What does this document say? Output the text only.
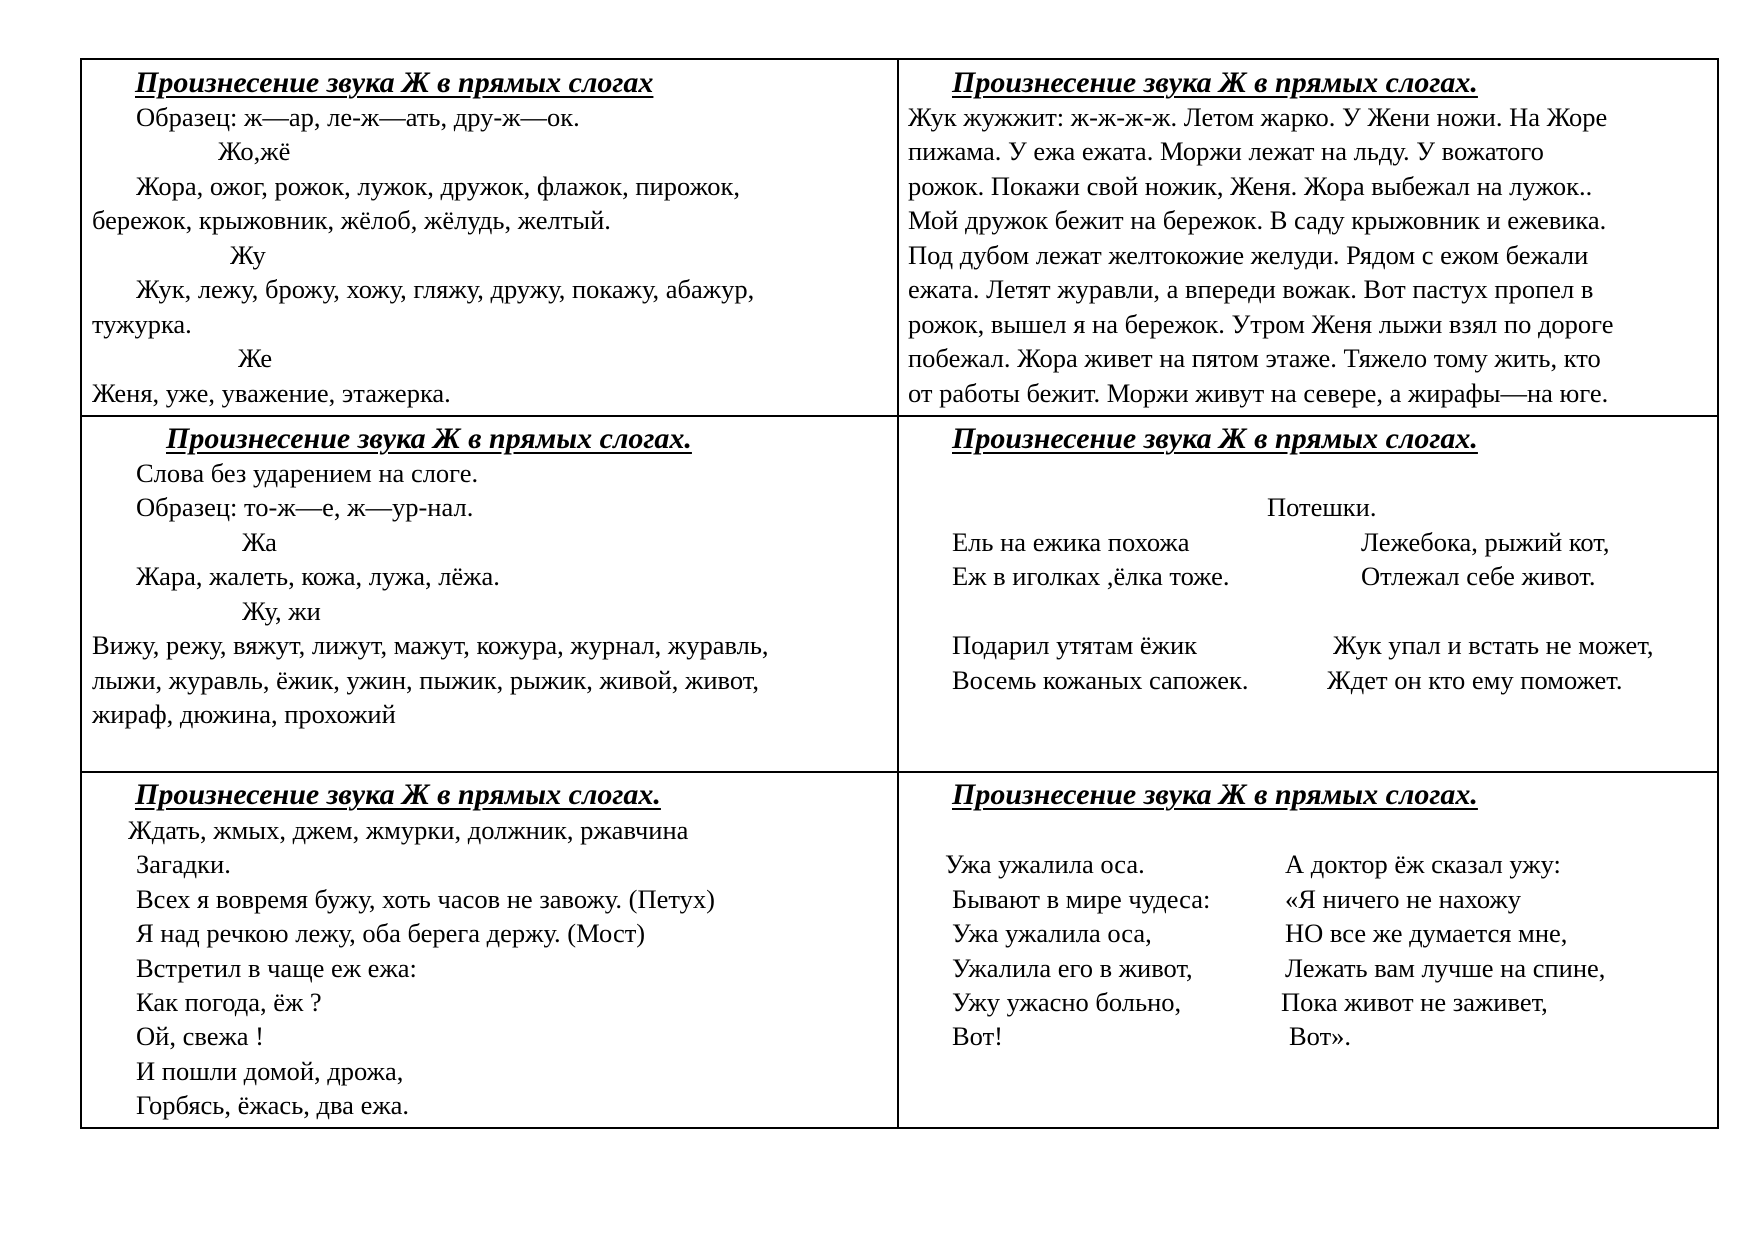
Произнесение звука Ж в прямых слогах
Образец: ж—ар, ле-ж—ать, дру-ж—ок.
Жо,жё
Жора, ожог, рожок, лужок, дружок, флажок, пирожок,
бережок, крыжовник, жёлоб, жёлудь, желтый.
Жу
Жук, лежу, брожу, хожу, гляжу, дружу, покажу, абажур,
тужурка.
Же
Женя, уже, уважение, этажерка.
Произнесение звука Ж в прямых слогах.
Жук жужжит: ж-ж-ж-ж. Летом жарко. У Жени ножи. На Жоре
пижама. У ежа ежата. Моржи лежат на льду. У вожатого
рожок. Покажи свой ножик, Женя. Жора выбежал на лужок..
Мой дружок бежит на бережок. В саду крыжовник и ежевика.
Под дубом лежат желтокожие желуди. Рядом с ежом бежали
ежата. Летят журавли, а впереди вожак. Вот пастух пропел в
рожок, вышел я на бережок. Утром Женя лыжи взял по дороге
побежал. Жора живет на пятом этаже. Тяжело тому жить, кто
от работы бежит. Моржи живут на севере, а жирафы—на юге.
Произнесение звука Ж в прямых слогах.
Слова без ударением на слоге.
Образец: то-ж—е, ж—ур-нал.
Жа
Жара, жалеть, кожа, лужа, лёжа.
Жу, жи
Вижу, режу, вяжут, лижут, мажут, кожура, журнал, журавль,
лыжи, журавль, ёжик, ужин, пыжик, рыжик, живой, живот,
жираф, дюжина, прохожий
Произнесение звука Ж в прямых слогах.
Потешки.
Ель на ежика похожа
Еж в иголках ,ёлка тоже.
Подарил утятам ёжик
Восемь кожаных сапожек.
Лежебока, рыжий кот,
Отлежал себе живот.
Жук упал и встать не может,
Ждет он кто ему поможет.
Произнесение звука Ж в прямых слогах.
Ждать, жмых, джем, жмурки, должник, ржавчина
Загадки.
Всех я вовремя бужу, хоть часов не завожу. (Петух)
Я над речкою лежу, оба берега держу. (Мост)
Встретил в чаще еж ежа:
Как погода, ёж ?
Ой, свежа !
И пошли домой, дрожа,
Горбясь, ёжась, два ежа.
Произнесение звука Ж в прямых слогах.
Ужа ужалила оса.
Бывают в мире чудеса:
Ужа ужалила оса,
Ужалила его в живот,
Ужу ужасно больно,
Вот!
А доктор ёж сказал ужу:
«Я ничего не нахожу
НО все же думается мне,
Лежать вам лучше на спине,
Пока живот не заживет,
Вот».
